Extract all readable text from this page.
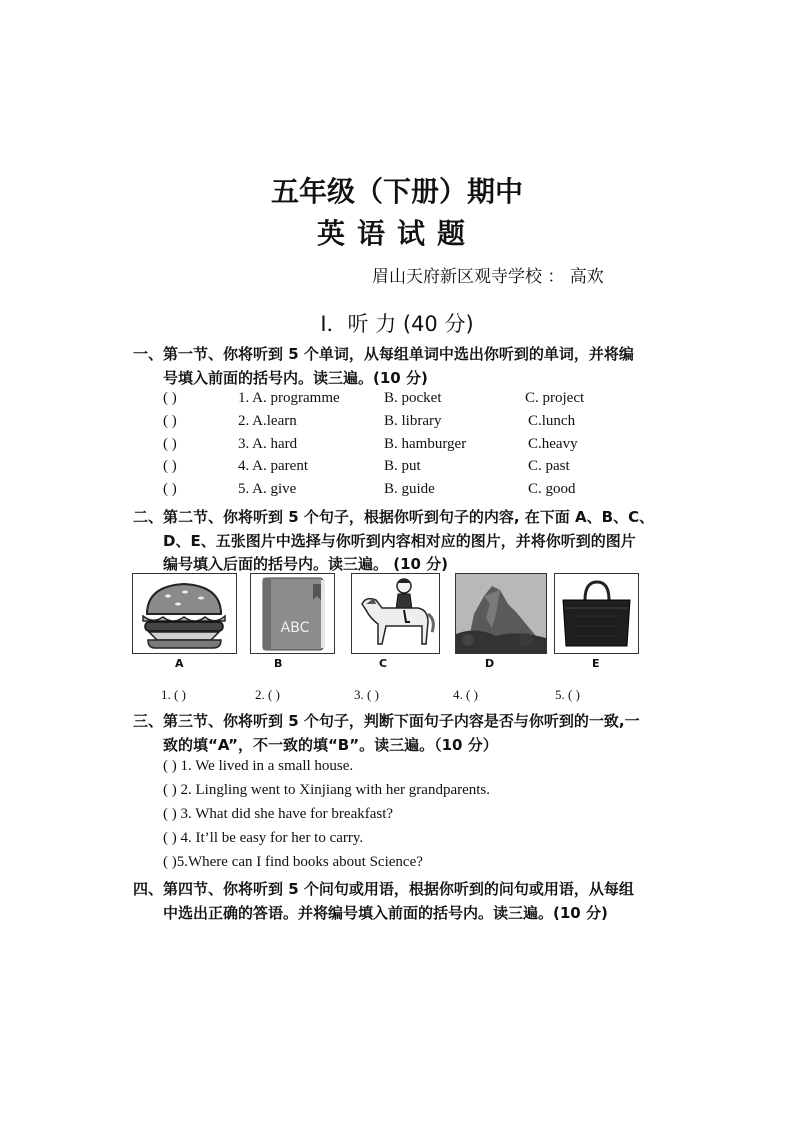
五年级（下册）期中
英语试题
眉山天府新区观寺学校 ： 高欢
Ⅰ．听 力 (40 分)
一、第一节、你将听到 5 个单词，从每组单词中选出你听到的单词，并将编
号填入前面的括号内。读三遍。(10 分)
( )	1. A. programme	B. pocket	C. project
( )	2. A.learn	B. library	C.lunch
( )	3. A. hard	B. hamburger	C.heavy
( )	4. A. parent	B. put	C. past
( )	5. A. give	B. guide	C. good
二、第二节、你将听到 5 个句子，根据你听到句子的内容, 在下面 A、B、C、
D、E、五张图片中选择与你听到内容相对应的图片，并将你听到的图片
编号填入后面的括号内。读三遍。 (10 分)
A
ABC
B	C	D	E
1. ( )	2. ( )	3. ( )	4. ( )	5. ( )
三、第三节、你将听到 5 个句子，判断下面句子内容是否与你听到的一致,一
致的填“A”，不一致的填“B”。读三遍。（10 分）
( ) 1. We lived in a small house.
( ) 2. Lingling went to Xinjiang with her grandparents.
( ) 3. What did she have for breakfast?
( ) 4. It’ll be easy for her to carry.
( )5.Where can I find books about Science?
四、第四节、你将听到 5 个问句或用语，根据你听到的问句或用语，从每组
中选出正确的答语。并将编号填入前面的括号内。读三遍。(10 分)
